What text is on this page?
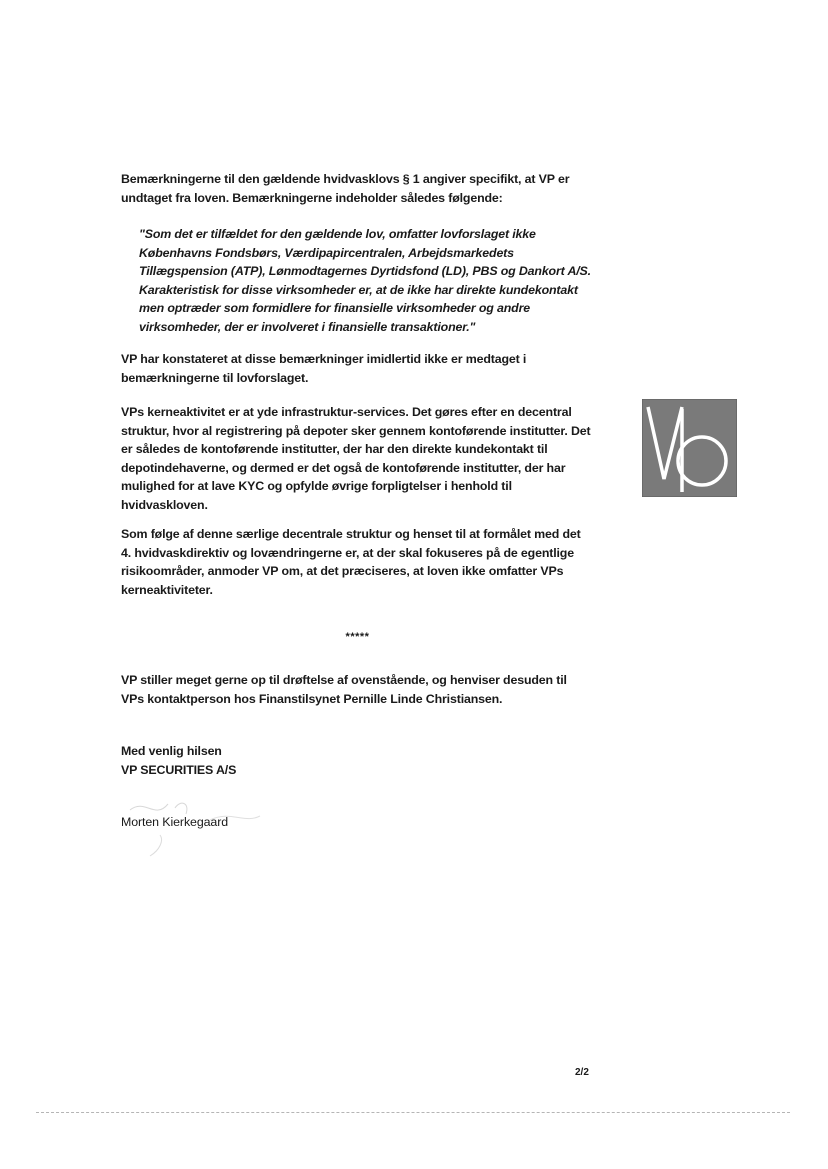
Bemærkningerne til den gældende hvidvasklovs § 1 angiver specifikt, at VP er undtaget fra loven. Bemærkningerne indeholder således følgende:

"Som det er tilfældet for den gældende lov, omfatter lovforslaget ikke Københavns Fondsbørs, Værdipapircentralen, Arbejdsmarkedets Tillægspension (ATP), Lønmodtagernes Dyrtidsfond (LD), PBS og Dankort A/S. Karakteristisk for disse virksomheder er, at de ikke har direkte kundekontakt men optræder som formidlere for finansielle virksomheder og andre virksomheder, der er involveret i finansielle transaktioner."

VP har konstateret at disse bemærkninger imidlertid ikke er medtaget i bemærkningerne til lovforslaget.

VPs kerneaktivitet er at yde infrastruktur-services. Det gøres efter en decentral struktur, hvor al registrering på depoter sker gennem kontoførende institutter. Det er således de kontoførende institutter, der har den direkte kundekontakt til depotindehaverne, og dermed er det også de kontoførende institutter, der har mulighed for at lave KYC og opfylde øvrige forpligtelser i henhold til hvidvaskloven.

Som følge af denne særlige decentrale struktur og henset til at formålet med det 4. hvidvaskdirektiv og lovændringerne er, at der skal fokuseres på de egentlige risikoområder, anmoder VP om, at det præciseres, at loven ikke omfatter VPs kerneaktiviteter.

*****

VP stiller meget gerne op til drøftelse af ovenstående, og henviser desuden til VPs kontaktperson hos Finanstilsynet Pernille Linde Christiansen.

Med venlig hilsen
VP SECURITIES A/S
Morten Kierkegaard
2/2
